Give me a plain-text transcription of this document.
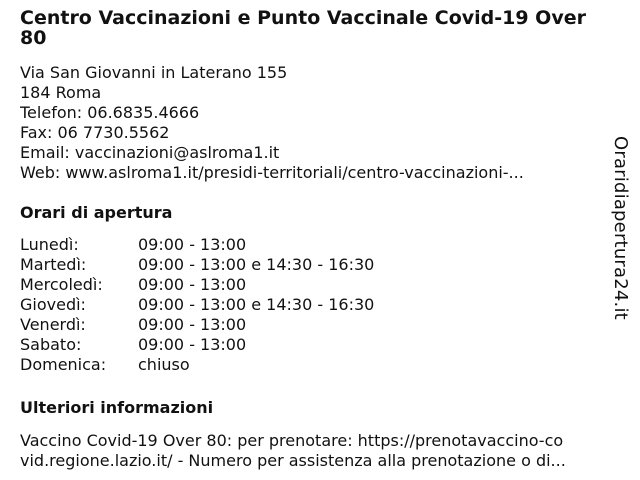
Centro Vaccinazioni e Punto Vaccinale Covid-19 Over 80
Via San Giovanni in Laterano 155
184 Roma
Telefon: 06.6835.4666
Fax: 06 7730.5562
Email: vaccinazioni@aslroma1.it
Web: www.aslroma1.it/presidi-territoriali/centro-vaccinazioni-...
Orari di apertura
Lunedì:	09:00 - 13:00
Martedì:	09:00 - 13:00 e 14:30 - 16:30
Mercoledì:	09:00 - 13:00
Giovedì:	09:00 - 13:00 e 14:30 - 16:30
Venerdì:	09:00 - 13:00
Sabato:	09:00 - 13:00
Domenica:	chiuso
Ulteriori informazioni
Vaccino Covid-19 Over 80: per prenotare: https://prenotavaccino-co
vid.regione.lazio.it/ - Numero per assistenza alla prenotazione o di...
Oraridiapertura24.it
